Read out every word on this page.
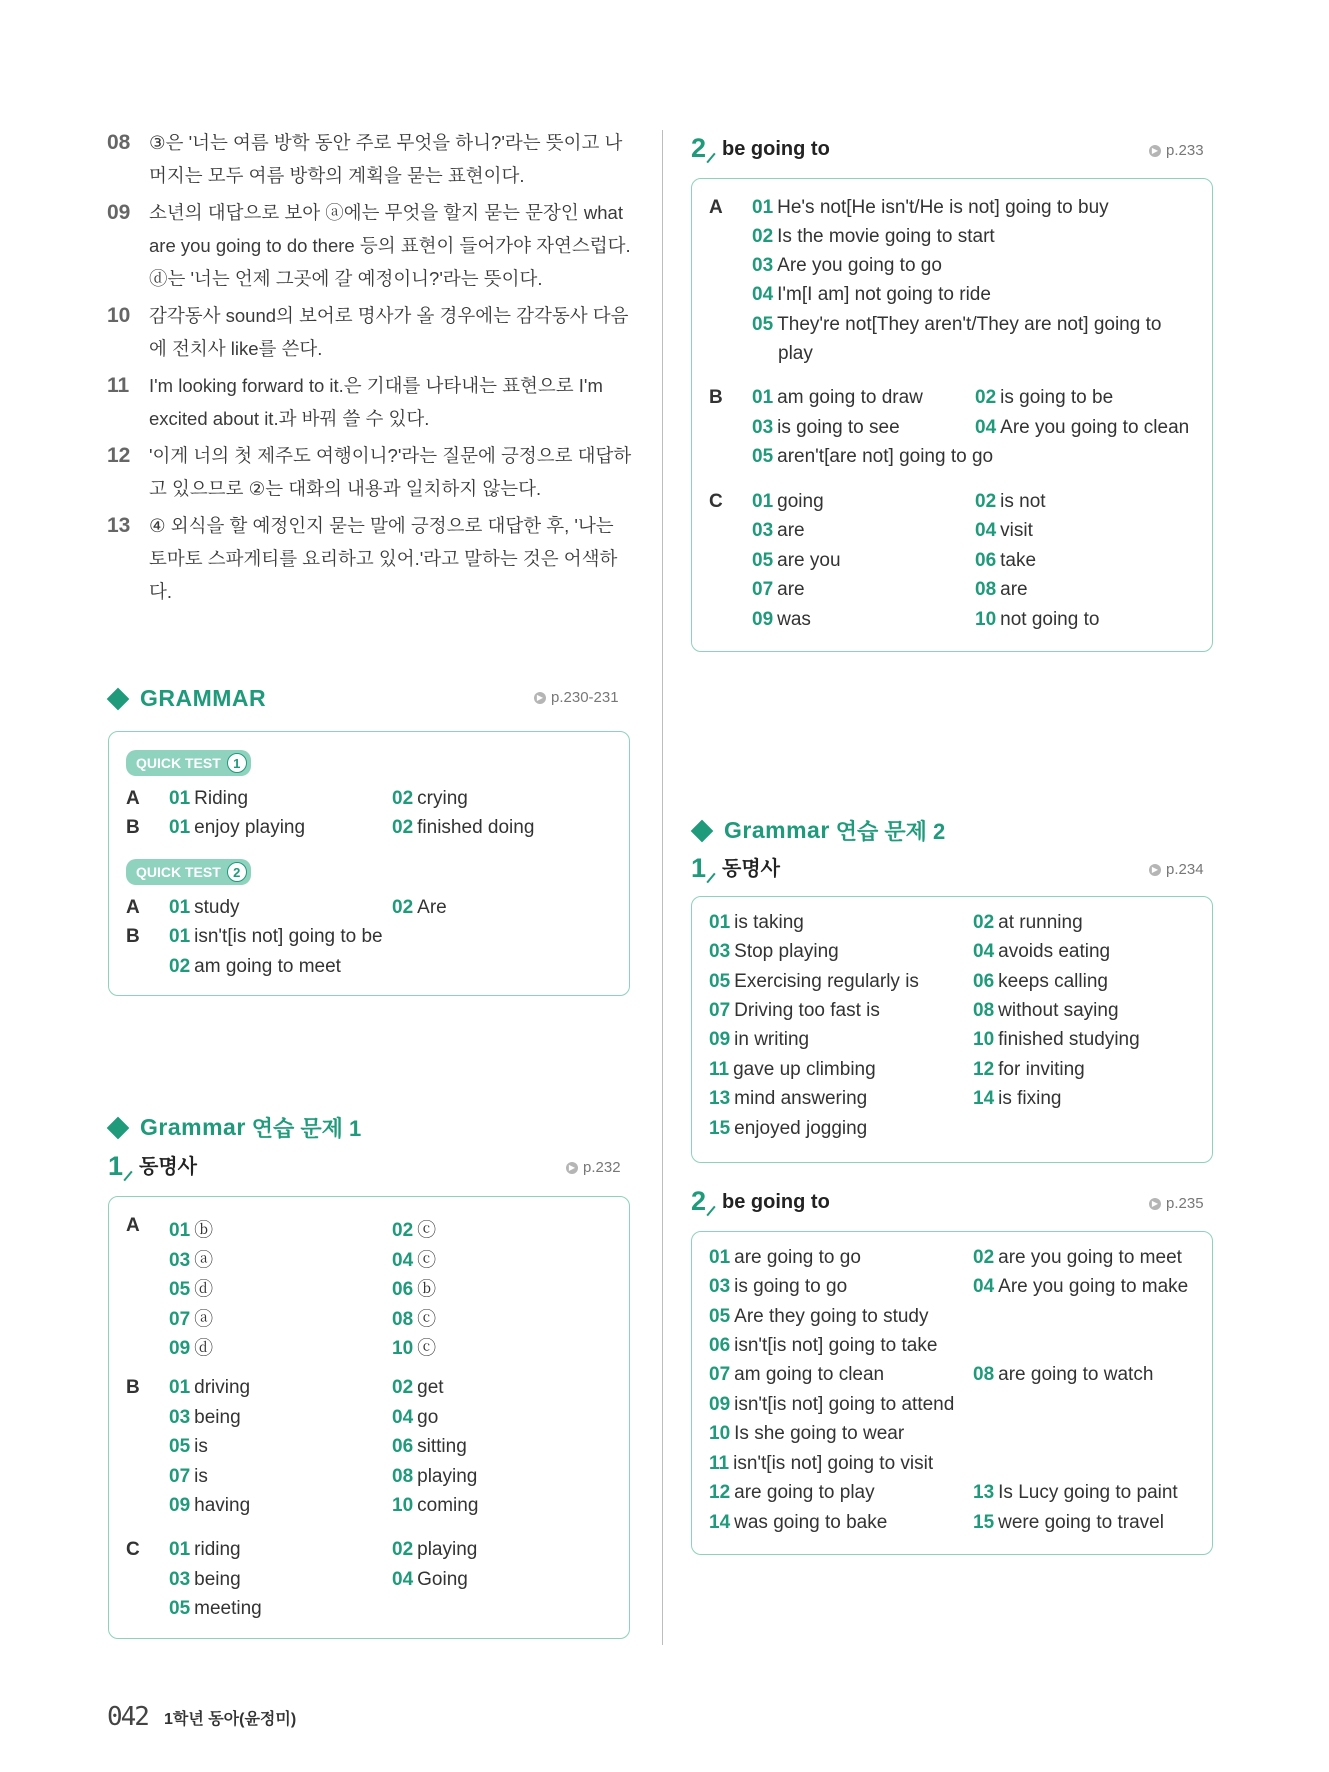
08	③은 '너는 여름 방학 동안 주로 무엇을 하니?'라는 뜻이고 나머지는 모두 여름 방학의 계획을 묻는 표현이다.
09	소년의 대답으로 보아 ⓐ에는 무엇을 할지 묻는 문장인 what are you going to do there 등의 표현이 들어가야 자연스럽다. ⓓ는 '너는 언제 그곳에 갈 예정이니?'라는 뜻이다.
10	감각동사 sound의 보어로 명사가 올 경우에는 감각동사 다음에 전치사 like를 쓴다.
11	I'm looking forward to it.은 기대를 나타내는 표현으로 I'm excited about it.과 바꿔 쓸 수 있다.
12	'이게 너의 첫 제주도 여행이니?'라는 질문에 긍정으로 대답하고 있으므로 ②는 대화의 내용과 일치하지 않는다.
13	④ 외식을 할 예정인지 묻는 말에 긍정으로 대답한 후, '나는 토마토 스파게티를 요리하고 있어.'라고 말하는 것은 어색하다.
GRAMMAR	▶ p.230-231
QUICK TEST 1
A 01 Riding	02 crying
B 01 enjoy playing	02 finished doing
QUICK TEST 2
A 01 study	02 Are
B 01 isn't[is not] going to be
02 am going to meet
Grammar 연습 문제 1
1 동명사	▶ p.232
A 01 ⓑ	02 ⓒ
03 ⓐ	04 ⓒ
05 ⓓ	06 ⓑ
07 ⓐ	08 ⓒ
09 ⓓ	10 ⓒ
B 01 driving	02 get
03 being	04 go
05 is	06 sitting
07 is	08 playing
09 having	10 coming
C 01 riding	02 playing
03 being	04 Going
05 meeting
2 be going to	▶ p.233
A 01 He's not[He isn't/He is not] going to buy
02 Is the movie going to start
03 Are you going to go
04 I'm[I am] not going to ride
05 They're not[They aren't/They are not] going to
play
B 01 am going to draw	02 is going to be
03 is going to see	04 Are you going to clean
05 aren't[are not] going to go
C 01 going	02 is not
03 are	04 visit
05 are you	06 take
07 are	08 are
09 was	10 not going to
Grammar 연습 문제 2
1 동명사	▶ p.234
01 is taking	02 at running
03 Stop playing	04 avoids eating
05 Exercising regularly is	06 keeps calling
07 Driving too fast is	08 without saying
09 in writing	10 finished studying
11 gave up climbing	12 for inviting
13 mind answering	14 is fixing
15 enjoyed jogging
2 be going to	▶ p.235
01 are going to go	02 are you going to meet
03 is going to go	04 Are you going to make
05 Are they going to study
06 isn't[is not] going to take
07 am going to clean	08 are going to watch
09 isn't[is not] going to attend
10 Is she going to wear
11 isn't[is not] going to visit
12 are going to play	13 Is Lucy going to paint
14 was going to bake	15 were going to travel
042 1학년 동아(윤정미)
